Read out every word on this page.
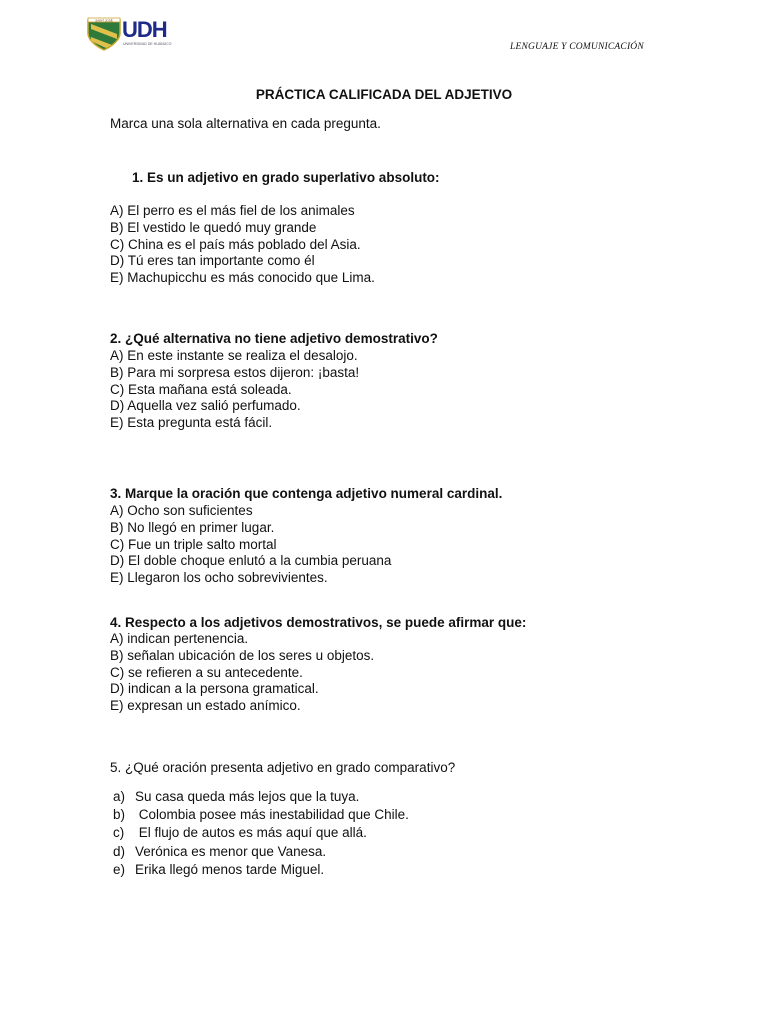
SAINT JOSÉ UDH
UNIVERSIDAD DE HUÁNUCO	LENGUAJE Y COMUNICACIÓN
PRÁCTICA CALIFICADA DEL ADJETIVO
Marca una sola alternativa en cada pregunta.
1. Es un adjetivo en grado superlativo absoluto:
A) El perro es el más fiel de los animales
B) El vestido le quedó muy grande
C) China es el país más poblado del Asia.
D) Tú eres tan importante como él
E) Machupicchu es más conocido que Lima.
2. ¿Qué alternativa no tiene adjetivo demostrativo?
A) En este instante se realiza el desalojo.
B) Para mi sorpresa estos dijeron: ¡basta!
C) Esta mañana está soleada.
D) Aquella vez salió perfumado.
E) Esta pregunta está fácil.
3. Marque la oración que contenga adjetivo numeral cardinal.
A) Ocho son suficientes
B) No llegó en primer lugar.
C) Fue un triple salto mortal
D) El doble choque enlutó a la cumbia peruana
E) Llegaron los ocho sobrevivientes.
4. Respecto a los adjetivos demostrativos, se puede afirmar que:
A) indican pertenencia.
B) señalan ubicación de los seres u objetos.
C) se refieren a su antecedente.
D) indican a la persona gramatical.
E) expresan un estado anímico.
5. ¿Qué oración presenta adjetivo en grado comparativo?
a) Su casa queda más lejos que la tuya.
b) Colombia posee más inestabilidad que Chile.
c) El flujo de autos es más aquí que allá.
d) Verónica es menor que Vanesa.
e) Erika llegó menos tarde Miguel.
